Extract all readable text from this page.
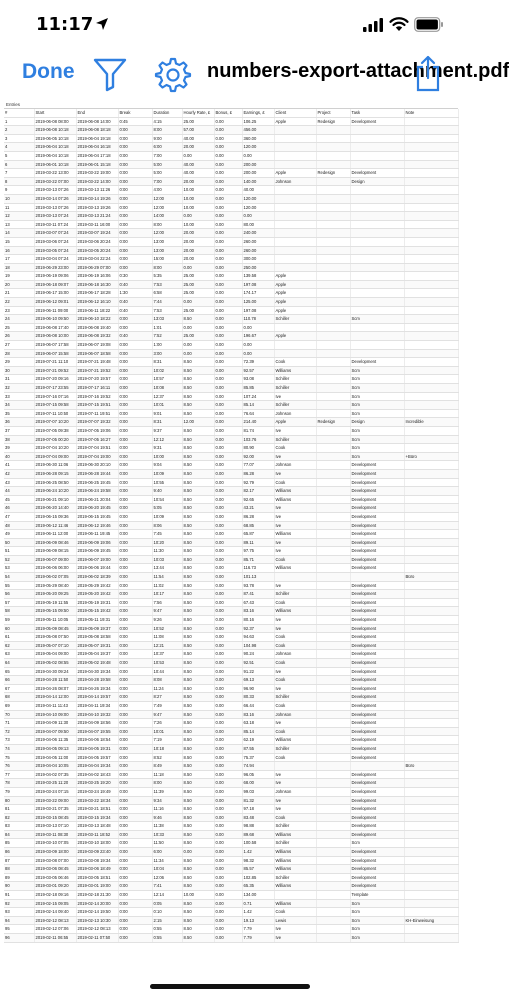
11:17
Done	numbers-export-attachment.pdf
Entries
#	Start	End	Break	Duration	Hourly Rate, £	Bonus, £	Earnings, £	Client	Project	Task	Note
1	2019-06-08 08:00	2019-06-08 14:00	0:45	4:15	25.00	0.00	106.25	Apple	Redesign	Development	
2	2019-06-08 10:18	2019-06-08 18:18	0:00	8:00	57.00	0.00	456.00				
3	2019-06-05 10:18	2019-06-04 19:18	0:00	9:00	40.00	0.00	360.00				
4	2019-06-04 10:18	2019-06-04 16:18	0:00	6:00	20.00	0.00	120.00				
5	2019-06-04 10:18	2019-06-04 17:18	0:00	7:00	0.00	0.00	0.00				
6	2019-06-01 10:18	2019-06-01 15:18	0:00	5:00	40.00	0.00	200.00				
7	2019-03-22 13:00	2019-03-22 19:00	0:00	5:00	40.00	0.00	200.00	Apple	Redesign	Development	
8	2019-03-22 07:00	2019-03-22 14:00	0:00	7:00	20.00	0.00	140.00	Johnson		Design	
9	2019-03-13 07:26	2019-03-13 11:26	0:00	4:00	10.00	0.00	40.00				
10	2019-03-14 07:26	2019-03-14 19:26	0:00	12:00	10.00	0.00	120.00				
11	2019-03-13 07:26	2019-03-13 19:26	0:00	12:00	10.00	0.00	120.00				
12	2019-03-13 07:24	2019-03-13 21:24	0:00	14:00	0.00	0.00	0.00				
13	2019-03-11 07:24	2019-03-11 16:00	0:00	8:00	10.00	0.00	80.00				
14	2019-03-07 07:24	2019-03-07 19:24	0:00	12:00	20.00	0.00	240.00				
15	2019-03-06 07:24	2019-03-06 20:24	0:00	13:00	20.00	0.00	260.00				
16	2019-03-05 07:24	2019-03-05 20:24	0:00	13:00	20.00	0.00	260.00				
17	2019-03-04 07:24	2019-03-04 22:24	0:00	15:00	20.00	0.00	300.00				
18	2019-06-29 23:00	2019-06-29 07:00	0:00	8:00	0.00	0.00	250.00				
19	2019-06-19 09:06	2019-06-19 16:06	0:30	5:35	25.00	0.00	139.58	Apple			
20	2019-06-18 09:07	2019-06-18 16:30	0:40	7:53	25.00	0.00	197.08	Apple			
21	2019-06-17 15:00	2019-06-17 18:28	1:30	6:58	25.00	0.00	174.17	Apple			
22	2019-06-12 09:01	2019-06-12 16:10	0:40	7:44	0.00	0.00	125.00	Apple			
23	2019-06-11 09:00	2019-06-11 18:22	0:40	7:53	25.00	0.00	197.08	Apple			
24	2019-06-10 09:50	2019-06-10 18:22	0:00	13:03	8.50	0.00	110.78	Schiller		Scm	
25	2019-06-08 17:40	2019-06-08 19:40	0:00	1:01	0.00	0.00	0.00				
26	2019-06-08 10:00	2019-06-08 19:32	0:40	7:52	25.00	0.00	196.67	Apple			
27	2019-06-07 17:58	2019-06-07 19:08	0:00	1:00	0.00	0.00	0.00				
28	2019-06-07 15:58	2019-06-07 18:58	0:00	3:00	0.00	0.00	0.00				
29	2019-07-21 11:10	2019-07-21 19:48	0:00	8:31	8.50	0.00	72.39	Cook		Development	
30	2019-07-21 09:52	2019-07-21 19:52	0:00	10:02	8.50	0.00	92.57	Williams		Scm	
31	2019-07-20 09:16	2019-07-20 19:57	0:00	10:57	8.50	0.00	93.08	Schiller		Scm	
32	2019-07-17 23:55	2019-07-17 16:11	0:00	10:08	8.50	0.00	85.85	Schiller		Scm	
33	2019-07-16 07:16	2019-07-16 19:52	0:00	12:37	8.50	0.00	107.24	Ive		Scm	
34	2019-07-15 09:58	2019-07-15 19:51	0:00	10:01	8.50	0.00	85.14	Schiller		Scm	
35	2019-07-11 10:50	2019-07-11 19:51	0:00	9:01	8.50	0.00	76.64	Johnson		Scm	
36	2019-07-07 10:20	2019-07-07 19:32	0:00	8:31	12.00	0.00	214.40	Apple	Redesign	Design	Incredible
37	2019-07-05 09:38	2019-07-05 19:06	0:00	9:37	8.50	0.00	81.74	Ive		Scm	
38	2019-07-05 00:20	2019-07-05 16:27	0:00	12:12	8.50	0.00	103.76	Schiller		Scm	
39	2019-07-04 10:20	2019-07-04 19:51	0:00	9:31	8.50	0.00	80.90	Cook		Scm	
40	2019-07-04 09:00	2019-07-04 19:00	0:00	10:00	8.50	0.00	92.00	Ive		Scm	+Büro
41	2019-06-30 11:06	2019-06-30 20:10	0:00	9:04	8.50	0.00	77.07	Johnson		Development	
42	2019-06-28 09:15	2019-06-28 19:44	0:00	10:09	8.50	0.00	86.28	Ive		Development	
43	2019-06-25 08:50	2019-06-25 19:45	0:00	10:55	8.50	0.00	92.79	Cook		Development	
44	2019-06-24 10:20	2019-06-24 19:58	0:00	9:40	8.50	0.00	82.17	Williams		Development	
45	2019-06-21 09:10	2019-06-21 20:04	0:00	10:54	8.50	0.00	92.65	Williams		Development	
46	2019-06-20 14:40	2019-06-20 19:45	0:00	5:05	8.50	0.00	43.21	Ive		Development	
47	2019-06-15 09:36	2019-06-15 19:45	0:00	10:09	8.50	0.00	86.28	Ive		Development	
48	2019-06-12 11:46	2019-06-12 19:46	0:00	8:06	8.50	0.00	68.85	Ive		Development	
49	2019-06-11 12:00	2019-06-11 19:45	0:00	7:45	8.50	0.00	65.87	Williams		Development	
50	2019-06-09 08:46	2019-06-09 19:06	0:00	10:20	8.50	0.00	89.11	Ive		Development	
51	2019-06-09 08:15	2019-06-09 19:45	0:00	11:30	8.50	0.00	97.75	Ive		Development	
52	2019-06-07 09:00	2019-06-07 19:00	0:00	10:03	8.50	0.00	85.71	Cook		Development	
53	2019-06-06 06:00	2019-06-06 19:44	0:00	13:44	8.50	0.00	116.73	Williams		Development	
54	2019-06-02 07:05	2019-06-02 18:39	0:00	11:54	8.50	0.00	101.13				Büro
55	2019-05-29 08:40	2019-05-29 19:42	0:00	11:02	8.50	0.00	93.78	Ive		Development	
56	2019-05-20 09:25	2019-05-20 19:42	0:00	10:17	8.50	0.00	87.41	Schiller		Development	
57	2019-05-19 11:55	2019-05-19 19:31	0:00	7:56	8.50	0.00	67.43	Cook		Development	
58	2019-05-15 09:50	2019-05-15 19:42	0:00	9:47	8.50	0.00	83.16	Williams		Development	
59	2019-05-11 10:05	2019-05-11 19:31	0:00	9:26	8.50	0.00	80.16	Ive		Development	
60	2019-05-09 08:45	2019-05-09 19:37	0:00	10:52	8.50	0.00	92.37	Ive		Development	
61	2019-05-08 07:50	2019-05-08 18:58	0:00	11:08	8.50	0.00	94.63	Cook		Development	
62	2019-05-07 07:10	2019-05-07 19:31	0:00	12:21	8.50	0.00	104.98	Cook		Development	
63	2019-05-04 09:00	2019-05-04 19:37	0:00	10:37	8.50	0.00	90.24	Johnson		Development	
64	2019-05-02 08:55	2019-05-02 19:48	0:00	10:53	8.50	0.00	92.51	Cook		Development	
65	2019-04-30 09:24	2019-04-30 19:34	0:00	10:44	8.50	0.00	91.22	Ive		Development	
66	2019-04-28 11:50	2019-04-28 19:58	0:00	8:08	8.50	0.00	69.13	Cook		Development	
67	2019-04-26 08:07	2019-04-26 19:34	0:00	11:24	8.50	0.00	96.90	Ive		Development	
68	2019-04-14 12:00	2019-04-14 19:57	0:00	8:27	8.50	0.00	80.33	Schiller		Development	
69	2019-04-11 11:43	2019-04-11 19:34	0:00	7:49	8.50	0.00	66.44	Cook		Development	
70	2019-04-10 09:00	2019-04-10 19:32	0:00	9:47	8.50	0.00	83.16	Johnson		Development	
71	2019-04-09 11:30	2019-04-09 18:56	0:00	7:26	8.50	0.00	63.18	Ive		Development	
72	2019-04-07 09:50	2019-04-07 19:55	0:00	10:01	8.50	0.00	85.14	Cook		Development	
73	2019-04-06 11:35	2019-04-06 18:54	0:00	7:19	8.50	0.00	62.19	Williams		Development	
74	2019-04-05 09:13	2019-04-05 19:31	0:00	10:18	8.50	0.00	87.55	Schiller		Development	
75	2019-04-05 11:00	2019-04-05 19:57	0:00	8:52	8.50	0.00	75.37	Cook		Development	
76	2019-04-04 10:05	2019-04-04 19:34	0:00	8:49	8.50	0.00	74.94				Büro
77	2019-04-02 07:35	2019-04-02 18:43	0:00	11:18	8.50	0.00	96.05	Ive		Development	
78	2019-03-25 11:20	2019-03-25 19:20	0:00	8:00	8.50	0.00	68.00	Ive		Development	
79	2019-03-24 07:15	2019-03-24 19:49	0:00	11:39	8.50	0.00	99.03	Johnson		Development	
80	2019-03-22 09:00	2019-03-22 18:34	0:00	9:34	8.50	0.00	81.32	Ive		Development	
81	2019-03-21 07:35	2019-03-21 18:51	0:00	11:16	8.50	0.00	97.18	Ive		Development	
82	2019-03-15 08:45	2019-03-15 19:34	0:00	9:46	8.50	0.00	83.48	Cook		Development	
83	2019-03-13 07:10	2019-03-13 18:48	0:00	11:38	8.50	0.00	98.88	Schiller		Development	
84	2019-03-11 08:30	2019-03-11 18:52	0:00	10:33	8.50	0.00	89.68	Williams		Development	
85	2019-03-10 07:05	2019-03-10 18:00	0:00	11:50	8.50	0.00	100.58	Schiller		Scm	
86	2019-03-09 18:00	2019-03-09 23:40	0:00	6:00	0.00	0.00	1.42	Williams		Development	
87	2019-03-08 07:00	2019-03-08 19:34	0:00	11:34	8.50	0.00	98.32	Williams		Development	
88	2019-03-06 08:45	2019-03-06 18:49	0:00	10:04	8.50	0.00	85.57	Williams		Development	
89	2019-03-05 06:46	2019-03-05 18:51	0:00	12:06	8.50	0.00	102.85	Schiller		Development	
90	2019-03-01 09:20	2019-03-01 19:00	0:00	7:41	8.50	0.00	65.35	Williams		Development	
91	2019-02-18 09:16	2019-02-18 21:30	0:00	12:14	10.00	0.00	134.00			Template	
92	2019-02-15 09:05	2019-02-14 20:00	0:00	0:05	8.50	0.00	0.71	Williams		Scm	
93	2019-02-14 09:40	2019-02-14 19:50	0:00	0:10	8.50	0.00	1.42	Cook		Scm	
94	2019-02-12 08:13	2019-02-13 10:30	0:00	2:15	8.50	0.00	19.13	Lewis		Scm	KH-Einweisung
95	2019-02-12 07:06	2019-02-12 08:13	0:00	0:55	8.50	0.00	7.79	Ive		Scm	
96	2019-02-11 06:55	2019-02-11 07:50	0:00	0:55	8.50	0.00	7.79	Ive		Scm	
